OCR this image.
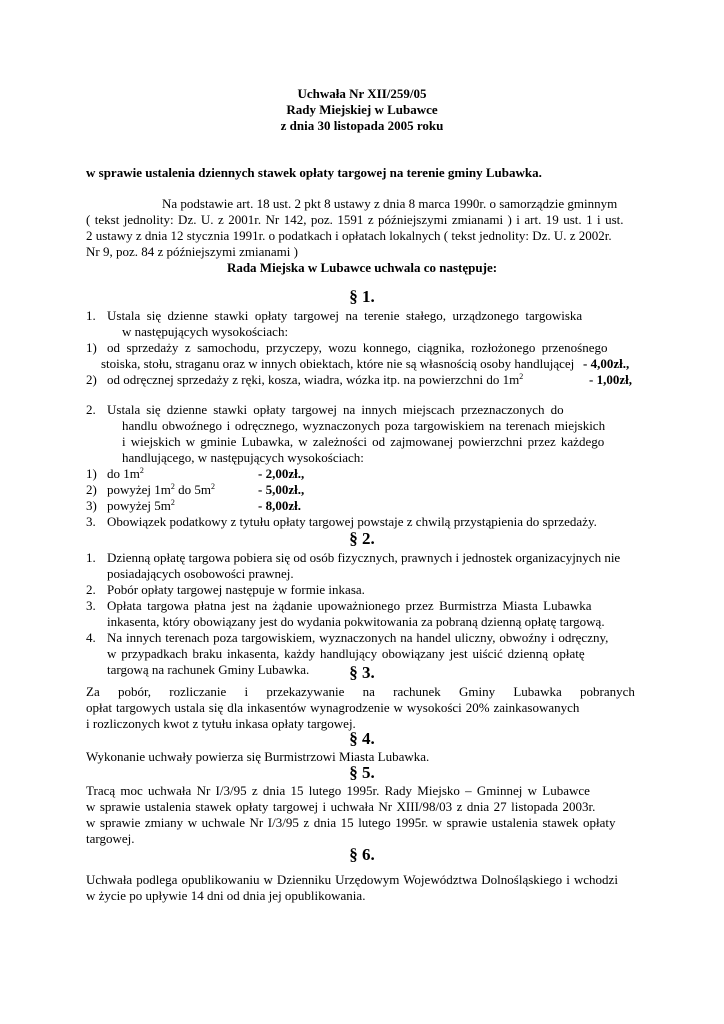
Uchwała Nr XII/259/05
Rady Miejskiej w Lubawce
z dnia 30 listopada 2005 roku
w sprawie ustalenia dziennych stawek opłaty targowej na terenie gminy Lubawka.
Na podstawie art. 18 ust. 2 pkt 8 ustawy z dnia 8 marca 1990r. o samorządzie gminnym
( tekst jednolity: Dz. U. z 2001r. Nr 142, poz. 1591 z późniejszymi zmianami ) i art. 19 ust. 1 i ust.
2 ustawy z dnia 12 stycznia 1991r. o podatkach i opłatach lokalnych ( tekst jednolity: Dz. U. z 2002r.
Nr 9, poz. 84 z późniejszymi zmianami )
Rada Miejska w Lubawce uchwala co następuje:
§ 1.
1. Ustala się dzienne stawki opłaty targowej na terenie stałego, urządzonego targowiska
w następujących wysokościach:
1) od sprzedaży z samochodu, przyczepy, wozu konnego, ciągnika, rozłożonego przenośnego
stoiska, stołu, straganu oraz w innych obiektach, które nie są własnością osoby handlującej - 4,00zł.,
2) od odręcznej sprzedaży z ręki, kosza, wiadra, wózka itp. na powierzchni do $1m^2$	- 1,00zł,
2. Ustala się dzienne stawki opłaty targowej na innych miejscach przeznaczonych do
handlu obwoźnego i odręcznego, wyznaczonych poza targowiskiem na terenach miejskich
i wiejskich w gminie Lubawka, w zależności od zajmowanej powierzchni przez każdego
handlującego, w następujących wysokościach:
1) do $1m^2$	- 2,00zł.,
2) powyżej $1m^2$ do $5m^2$	- 5,00zł.,
3) powyżej $5m^2$	- 8,00zł.
3. Obowiązek podatkowy z tytułu opłaty targowej powstaje z chwilą przystąpienia do sprzedaży.
§ 2.
1. Dzienną opłatę targowa pobiera się od osób fizycznych, prawnych i jednostek organizacyjnych nie
posiadających osobowości prawnej.
2. Pobór opłaty targowej następuje w formie inkasa.
3. Opłata targowa płatna jest na żądanie upoważnionego przez Burmistrza Miasta Lubawka
inkasenta, który obowiązany jest do wydania pokwitowania za pobraną dzienną opłatę targową.
4. Na innych terenach poza targowiskiem, wyznaczonych na handel uliczny, obwoźny i odręczny,
w przypadkach braku inkasenta, każdy handlujący obowiązany jest uiścić dzienną opłatę
targową na rachunek Gminy Lubawka.	§ 3.
Za pobór, rozliczanie i przekazywanie na rachunek Gminy Lubawka pobranych
opłat targowych ustala się dla inkasentów wynagrodzenie w wysokości 20% zainkasowanych
i rozliczonych kwot z tytułu inkasa opłaty targowej.
§ 4.
Wykonanie uchwały powierza się Burmistrzowi Miasta Lubawka.
§ 5.
Tracą moc uchwała Nr I/3/95 z dnia 15 lutego 1995r. Rady Miejsko – Gminnej w Lubawce
w sprawie ustalenia stawek opłaty targowej i uchwała Nr XIII/98/03 z dnia 27 listopada 2003r.
w sprawie zmiany w uchwale Nr I/3/95 z dnia 15 lutego 1995r. w sprawie ustalenia stawek opłaty
targowej.
§ 6.
Uchwała podlega opublikowaniu w Dzienniku Urzędowym Województwa Dolnośląskiego i wchodzi
w życie po upływie 14 dni od dnia jej opublikowania.
